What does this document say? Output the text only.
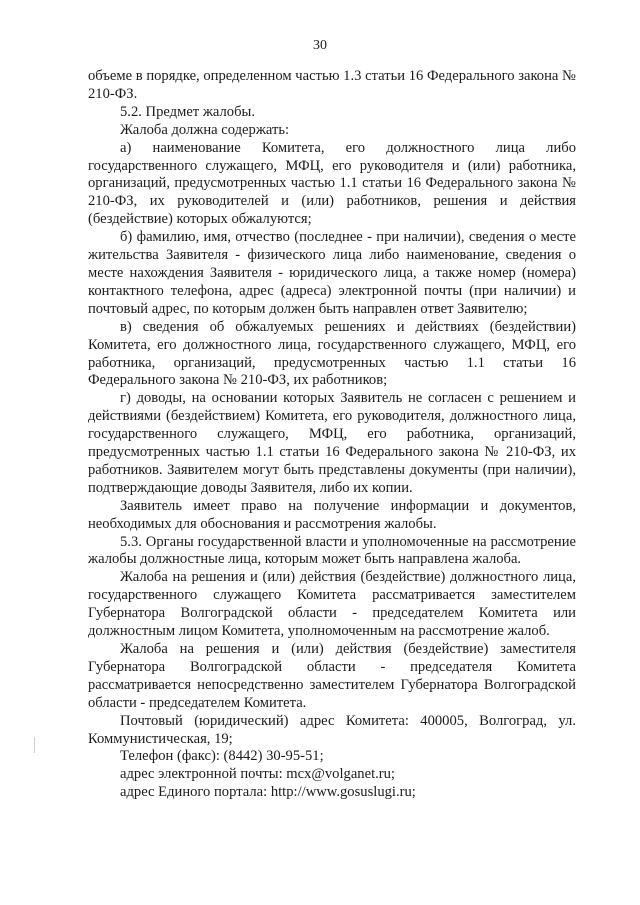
30

объеме в порядке, определенном частью 1.3 статьи 16 Федерального закона № 210-ФЗ.

5.2. Предмет жалобы.

Жалоба должна содержать:

а) наименование Комитета, его должностного лица либо государственного служащего, МФЦ, его руководителя и (или) работника, организаций, предусмотренных частью 1.1 статьи 16 Федерального закона № 210-ФЗ, их руководителей и (или) работников, решения и действия (бездействие) которых обжалуются;

б) фамилию, имя, отчество (последнее - при наличии), сведения о месте жительства Заявителя - физического лица либо наименование, сведения о месте нахождения Заявителя - юридического лица, а также номер (номера) контактного телефона, адрес (адреса) электронной почты (при наличии) и почтовый адрес, по которым должен быть направлен ответ Заявителю;

в) сведения об обжалуемых решениях и действиях (бездействии) Комитета, его должностного лица, государственного служащего, МФЦ, его работника, организаций, предусмотренных частью 1.1 статьи 16 Федерального закона № 210-ФЗ, их работников;

г) доводы, на основании которых Заявитель не согласен с решением и действиями (бездействием) Комитета, его руководителя, должностного лица, государственного служащего, МФЦ, его работника, организаций, предусмотренных частью 1.1 статьи 16 Федерального закона № 210-ФЗ, их работников. Заявителем могут быть представлены документы (при наличии), подтверждающие доводы Заявителя, либо их копии.

Заявитель имеет право на получение информации и документов, необходимых для обоснования и рассмотрения жалобы.

5.3. Органы государственной власти и уполномоченные на рассмотрение жалобы должностные лица, которым может быть направлена жалоба.

Жалоба на решения и (или) действия (бездействие) должностного лица, государственного служащего Комитета рассматривается заместителем Губернатора Волгоградской области - председателем Комитета или должностным лицом Комитета, уполномоченным на рассмотрение жалоб.

Жалоба на решения и (или) действия (бездействие) заместителя Губернатора Волгоградской области - председателя Комитета рассматривается непосредственно заместителем Губернатора Волгоградской области - председателем Комитета.

Почтовый (юридический) адрес Комитета: 400005, Волгоград, ул. Коммунистическая, 19;

Телефон (факс): (8442) 30-95-51;

адрес электронной почты: mcx@volganet.ru;

адрес Единого портала: http://www.gosuslugi.ru;
